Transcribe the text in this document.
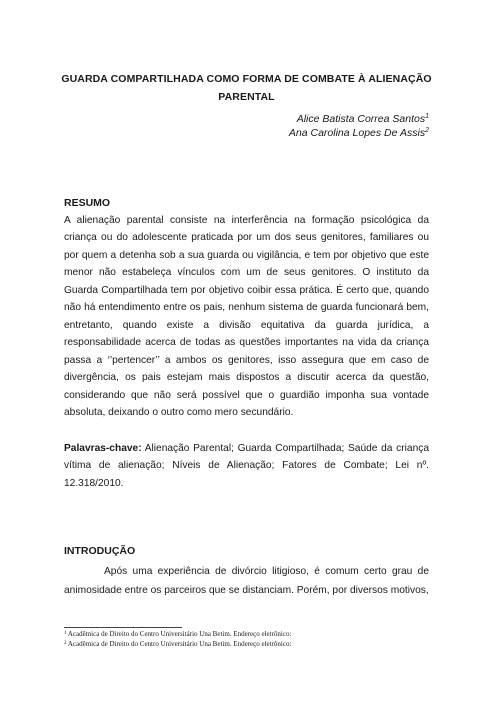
GUARDA COMPARTILHADA COMO FORMA DE COMBATE À ALIENAÇÃO PARENTAL
Alice Batista Correa Santos$^1$
Ana Carolina Lopes De Assis$^2$
RESUMO

A alienação parental consiste na interferência na formação psicológica da criança ou do adolescente praticada por um dos seus genitores, familiares ou por quem a detenha sob a sua guarda ou vigilância, e tem por objetivo que este menor não estabeleça vínculos com um de seus genitores. O instituto da Guarda Compartilhada tem por objetivo coibir essa prática. É certo que, quando não há entendimento entre os pais, nenhum sistema de guarda funcionará bem, entretanto, quando existe a divisão equitativa da guarda jurídica, a responsabilidade acerca de todas as questões importantes na vida da criança passa a ‘’pertencer’’ a ambos os genitores, isso assegura que em caso de divergência, os pais estejam mais dispostos a discutir acerca da questão, considerando que não será possível que o guardião imponha sua vontade absoluta, deixando o outro como mero secundário.

Palavras-chave: Alienação Parental; Guarda Compartilhada; Saúde da criança vítima de alienação; Níveis de Alienação; Fatores de Combate; Lei nº. 12.318/2010.

INTRODUÇÃO

Após uma experiência de divórcio litigioso, é comum certo grau de animosidade entre os parceiros que se distanciam. Porém, por diversos motivos,

$^1$ Acadêmica de Direito do Centro Universitário Una Betim. Endereço eletrônico:
$^2$ Acadêmica de Direito do Centro Universitário Una Betim. Endereço eletrônico:
